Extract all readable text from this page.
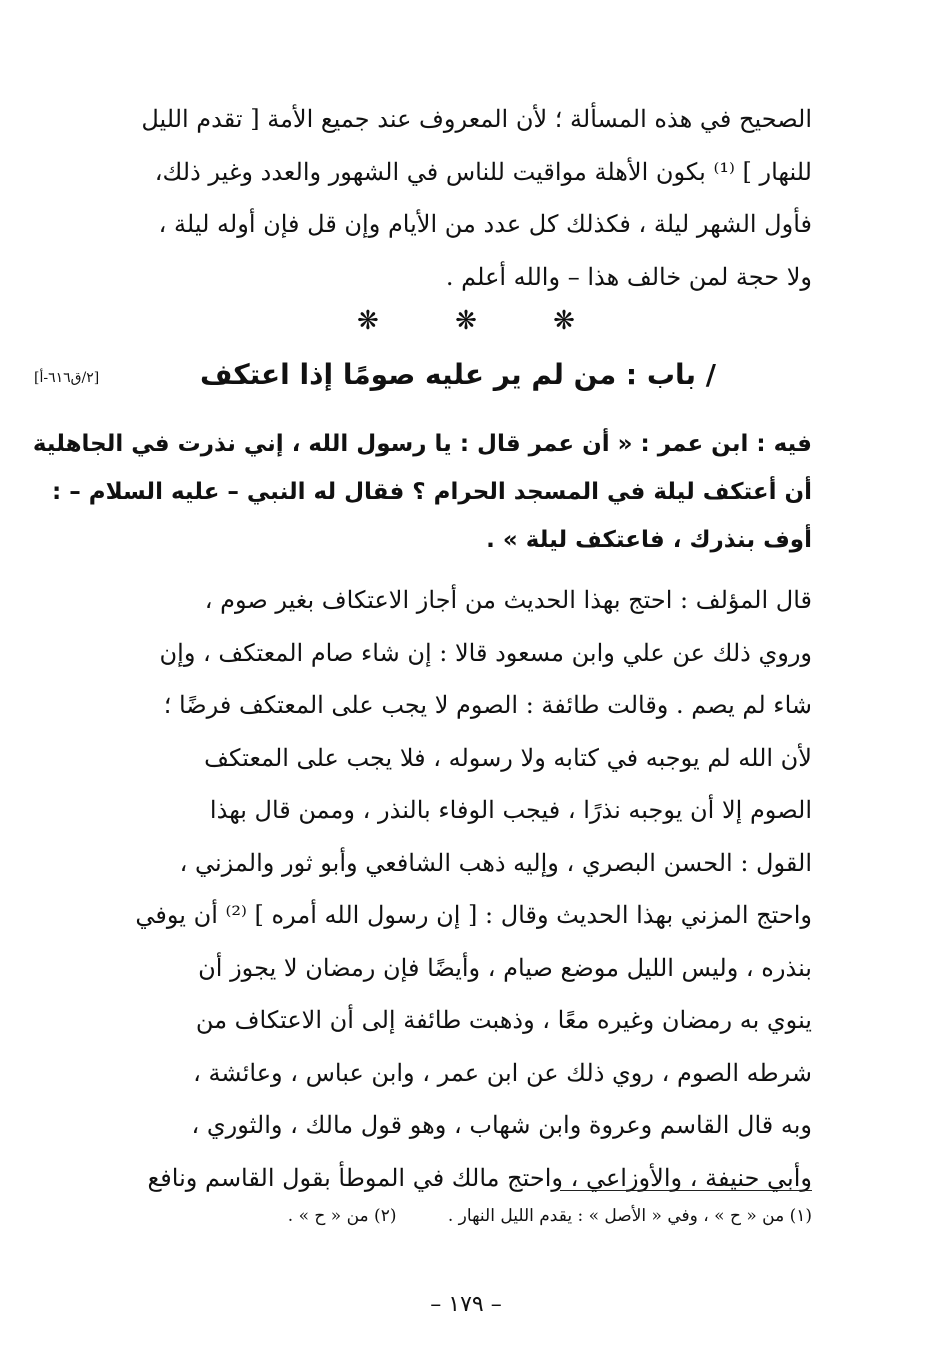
الصحيح في هذه المسألة ؛ لأن المعروف عند جميع الأمة [ تقدم الليل
للنهار ] ⁽¹⁾ بكون الأهلة مواقيت للناس في الشهور والعدد وغير ذلك،
فأول الشهر ليلة ، فكذلك كل عدد من الأيام وإن قل فإن أوله ليلة ،
ولا حجة لمن خالف هذا – والله أعلم .

❋	❋	❋
/ باب : من لم ير عليه صومًا إذا اعتكف
[٢/ق٦١٦-أ]

فيه : ابن عمر : « أن عمر قال : يا رسول الله ، إني نذرت في الجاهلية
أن أعتكف ليلة في المسجد الحرام ؟ فقال له النبي – عليه السلام – :
أوف بنذرك ، فاعتكف ليلة » .

قال المؤلف : احتج بهذا الحديث من أجاز الاعتكاف بغير صوم ،
وروي ذلك عن علي وابن مسعود قالا : إن شاء صام المعتكف ، وإن
شاء لم يصم . وقالت طائفة : الصوم لا يجب على المعتكف فرضًا ؛
لأن الله لم يوجبه في كتابه ولا رسوله ، فلا يجب على المعتكف
الصوم إلا أن يوجبه نذرًا ، فيجب الوفاء بالنذر ، وممن قال بهذا
القول : الحسن البصري ، وإليه ذهب الشافعي وأبو ثور والمزني ،
واحتج المزني بهذا الحديث وقال : [ إن رسول الله أمره ] ⁽²⁾ أن يوفي
بنذره ، وليس الليل موضع صيام ، وأيضًا فإن رمضان لا يجوز أن
ينوي به رمضان وغيره معًا ، وذهبت طائفة إلى أن الاعتكاف من
شرطه الصوم ، روي ذلك عن ابن عمر ، وابن عباس ، وعائشة ،
وبه قال القاسم وعروة وابن شهاب ، وهو قول مالك ، والثوري ،
وأبي حنيفة ، والأوزاعي ، واحتج مالك في الموطأ بقول القاسم ونافع

(١) من « ح » ، وفي « الأصل » : يقدم الليل النهار . (٢) من « ح » .
– ١٧٩ –
